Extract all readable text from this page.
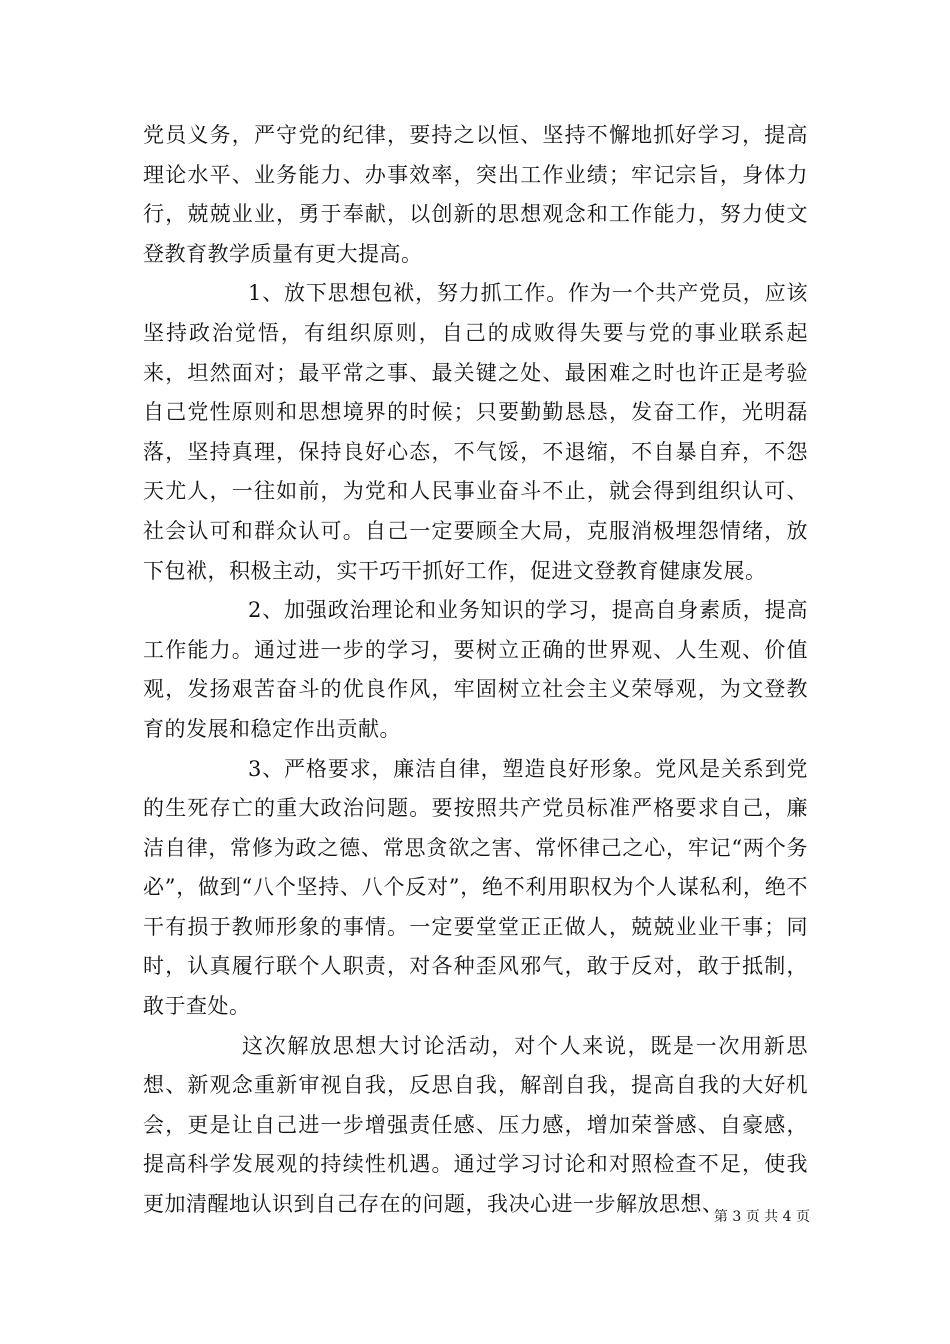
党员义务，严守党的纪律，要持之以恒、坚持不懈地抓好学习，提高理论水平、业务能力、办事效率，突出工作业绩；牢记宗旨，身体力行，兢兢业业，勇于奉献，以创新的思想观念和工作能力，努力使文登教育教学质量有更大提高。

1、放下思想包袱，努力抓工作。作为一个共产党员，应该坚持政治觉悟，有组织原则，自己的成败得失要与党的事业联系起来，坦然面对；最平常之事、最关键之处、最困难之时也许正是考验自己党性原则和思想境界的时候；只要勤勤恳恳，发奋工作，光明磊落，坚持真理，保持良好心态，不气馁，不退缩，不自暴自弃，不怨天尤人，一往如前，为党和人民事业奋斗不止，就会得到组织认可、社会认可和群众认可。自己一定要顾全大局，克服消极埋怨情绪，放下包袱，积极主动，实干巧干抓好工作，促进文登教育健康发展。

2、加强政治理论和业务知识的学习，提高自身素质，提高工作能力。通过进一步的学习，要树立正确的世界观、人生观、价值观，发扬艰苦奋斗的优良作风，牢固树立社会主义荣辱观，为文登教育的发展和稳定作出贡献。

3、严格要求，廉洁自律，塑造良好形象。党风是关系到党的生死存亡的重大政治问题。要按照共产党员标准严格要求自己，廉洁自律，常修为政之德、常思贪欲之害、常怀律己之心，牢记“两个务必”，做到“八个坚持、八个反对”，绝不利用职权为个人谋私利，绝不干有损于教师形象的事情。一定要堂堂正正做人，兢兢业业干事；同时，认真履行联个人职责，对各种歪风邪气，敢于反对，敢于抵制，敢于查处。

这次解放思想大讨论活动，对个人来说，既是一次用新思想、新观念重新审视自我，反思自我，解剖自我，提高自我的大好机会，更是让自己进一步增强责任感、压力感，增加荣誉感、自豪感，提高科学发展观的持续性机遇。通过学习讨论和对照检查不足，使我更加清醒地认识到自己存在的问题，我决心进一步解放思想、

第 3 页 共 4 页
